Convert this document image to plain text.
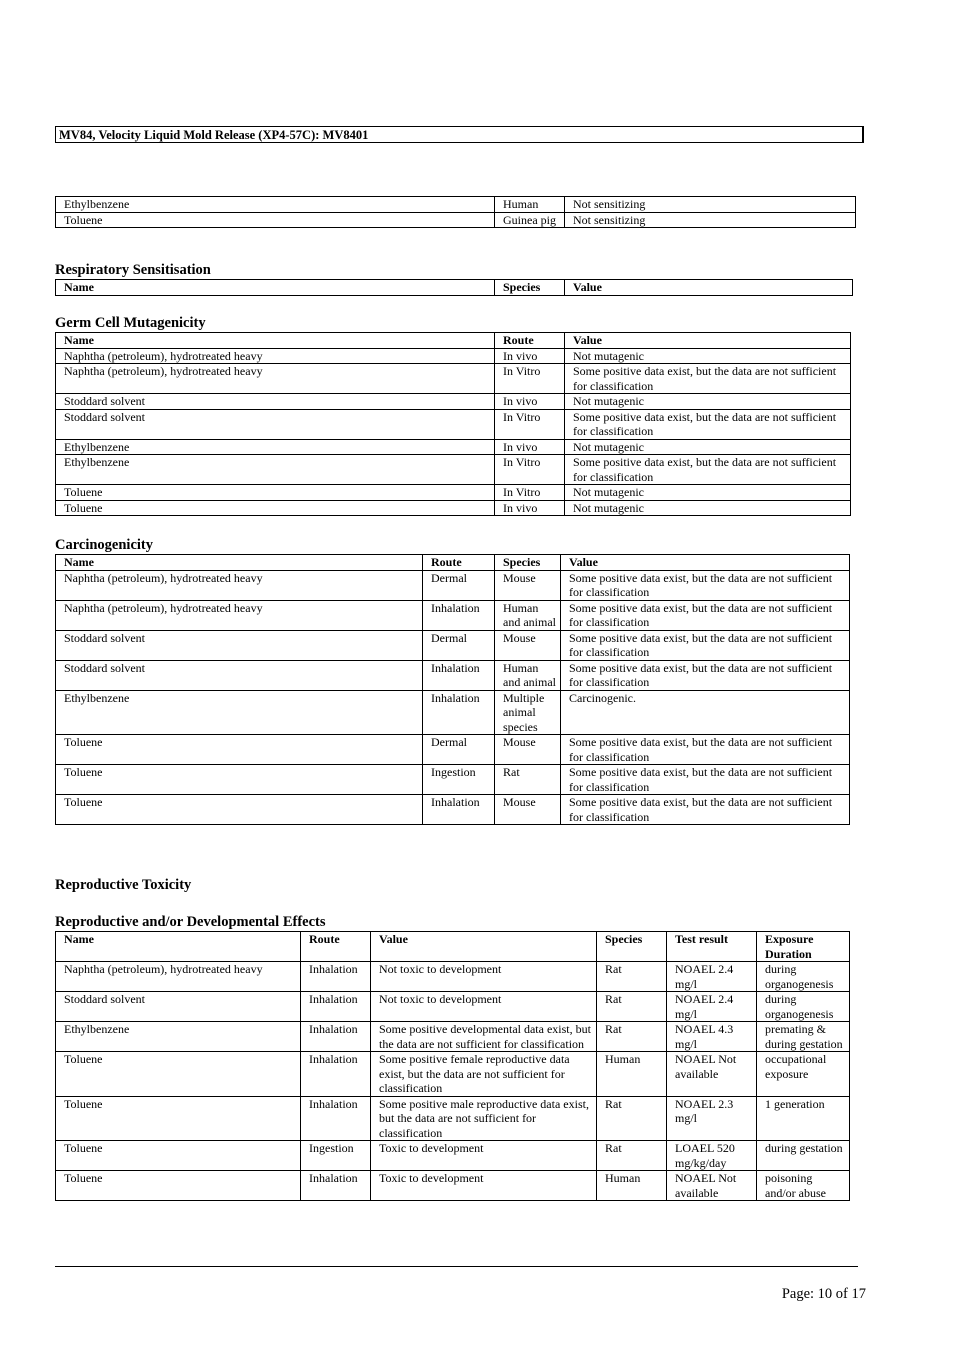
MV84, Velocity Liquid Mold Release (XP4-57C): MV8401
Ethylbenzene	Human	Not sensitizing
Toluene	Guinea pig	Not sensitizing
Respiratory Sensitisation
Name	Species	Value
Germ Cell Mutagenicity
Name	Route	Value
Naphtha (petroleum), hydrotreated heavy	In vivo	Not mutagenic
Naphtha (petroleum), hydrotreated heavy	In Vitro	Some positive data exist, but the data are not sufficient for classification
Stoddard solvent	In vivo	Not mutagenic
Stoddard solvent	In Vitro	Some positive data exist, but the data are not sufficient for classification
Ethylbenzene	In vivo	Not mutagenic
Ethylbenzene	In Vitro	Some positive data exist, but the data are not sufficient for classification
Toluene	In Vitro	Not mutagenic
Toluene	In vivo	Not mutagenic
Carcinogenicity
Name	Route	Species	Value
Naphtha (petroleum), hydrotreated heavy	Dermal	Mouse	Some positive data exist, but the data are not sufficient for classification
Naphtha (petroleum), hydrotreated heavy	Inhalation	Human and animal	Some positive data exist, but the data are not sufficient for classification
Stoddard solvent	Dermal	Mouse	Some positive data exist, but the data are not sufficient for classification
Stoddard solvent	Inhalation	Human and animal	Some positive data exist, but the data are not sufficient for classification
Ethylbenzene	Inhalation	Multiple animal species	Carcinogenic.
Toluene	Dermal	Mouse	Some positive data exist, but the data are not sufficient for classification
Toluene	Ingestion	Rat	Some positive data exist, but the data are not sufficient for classification
Toluene	Inhalation	Mouse	Some positive data exist, but the data are not sufficient for classification
Reproductive Toxicity
Reproductive and/or Developmental Effects
Name	Route	Value	Species	Test result	Exposure Duration
Naphtha (petroleum), hydrotreated heavy	Inhalation	Not toxic to development	Rat	NOAEL 2.4 mg/l	during organogenesis
Stoddard solvent	Inhalation	Not toxic to development	Rat	NOAEL 2.4 mg/l	during organogenesis
Ethylbenzene	Inhalation	Some positive developmental data exist, but the data are not sufficient for classification	Rat	NOAEL 4.3 mg/l	premating & during gestation
Toluene	Inhalation	Some positive female reproductive data exist, but the data are not sufficient for classification	Human	NOAEL Not available	occupational exposure
Toluene	Inhalation	Some positive male reproductive data exist, but the data are not sufficient for classification	Rat	NOAEL 2.3 mg/l	1 generation
Toluene	Ingestion	Toxic to development	Rat	LOAEL 520 mg/kg/day	during gestation
Toluene	Inhalation	Toxic to development	Human	NOAEL Not available	poisoning and/or abuse
Page: 10 of 17
